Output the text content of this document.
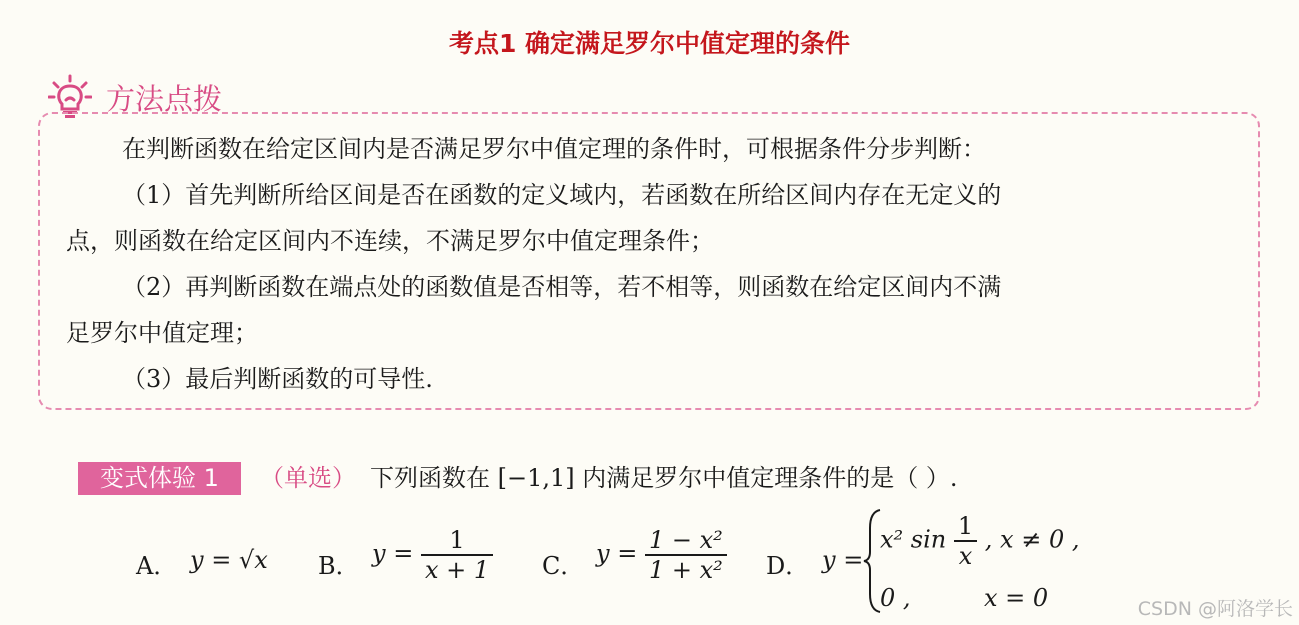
考点1 确定满足罗尔中值定理的条件
方法点拨
在判断函数在给定区间内是否满足罗尔中值定理的条件时，可根据条件分步判断：
（1）首先判断所给区间是否在函数的定义域内，若函数在所给区间内存在无定义的
点，则函数在给定区间内不连续，不满足罗尔中值定理条件；
（2）再判断函数在端点处的函数值是否相等，若不相等，则函数在给定区间内不满
足罗尔中值定理；
（3）最后判断函数的可导性.
变式体验 1	（单选） 下列函数在 [−1,1] 内满足罗尔中值定理条件的是（ ）.
A． y = √x B． $y = \frac{1}{x + 1}$ C． $y = \frac{\text{1 − x²}}{\text{1 + x²}}$ D． y =
x² $\sin \frac{1}{x}$ , x ≠ 0 ,
0 ,	x = 0	CSDN @阿洛学长
